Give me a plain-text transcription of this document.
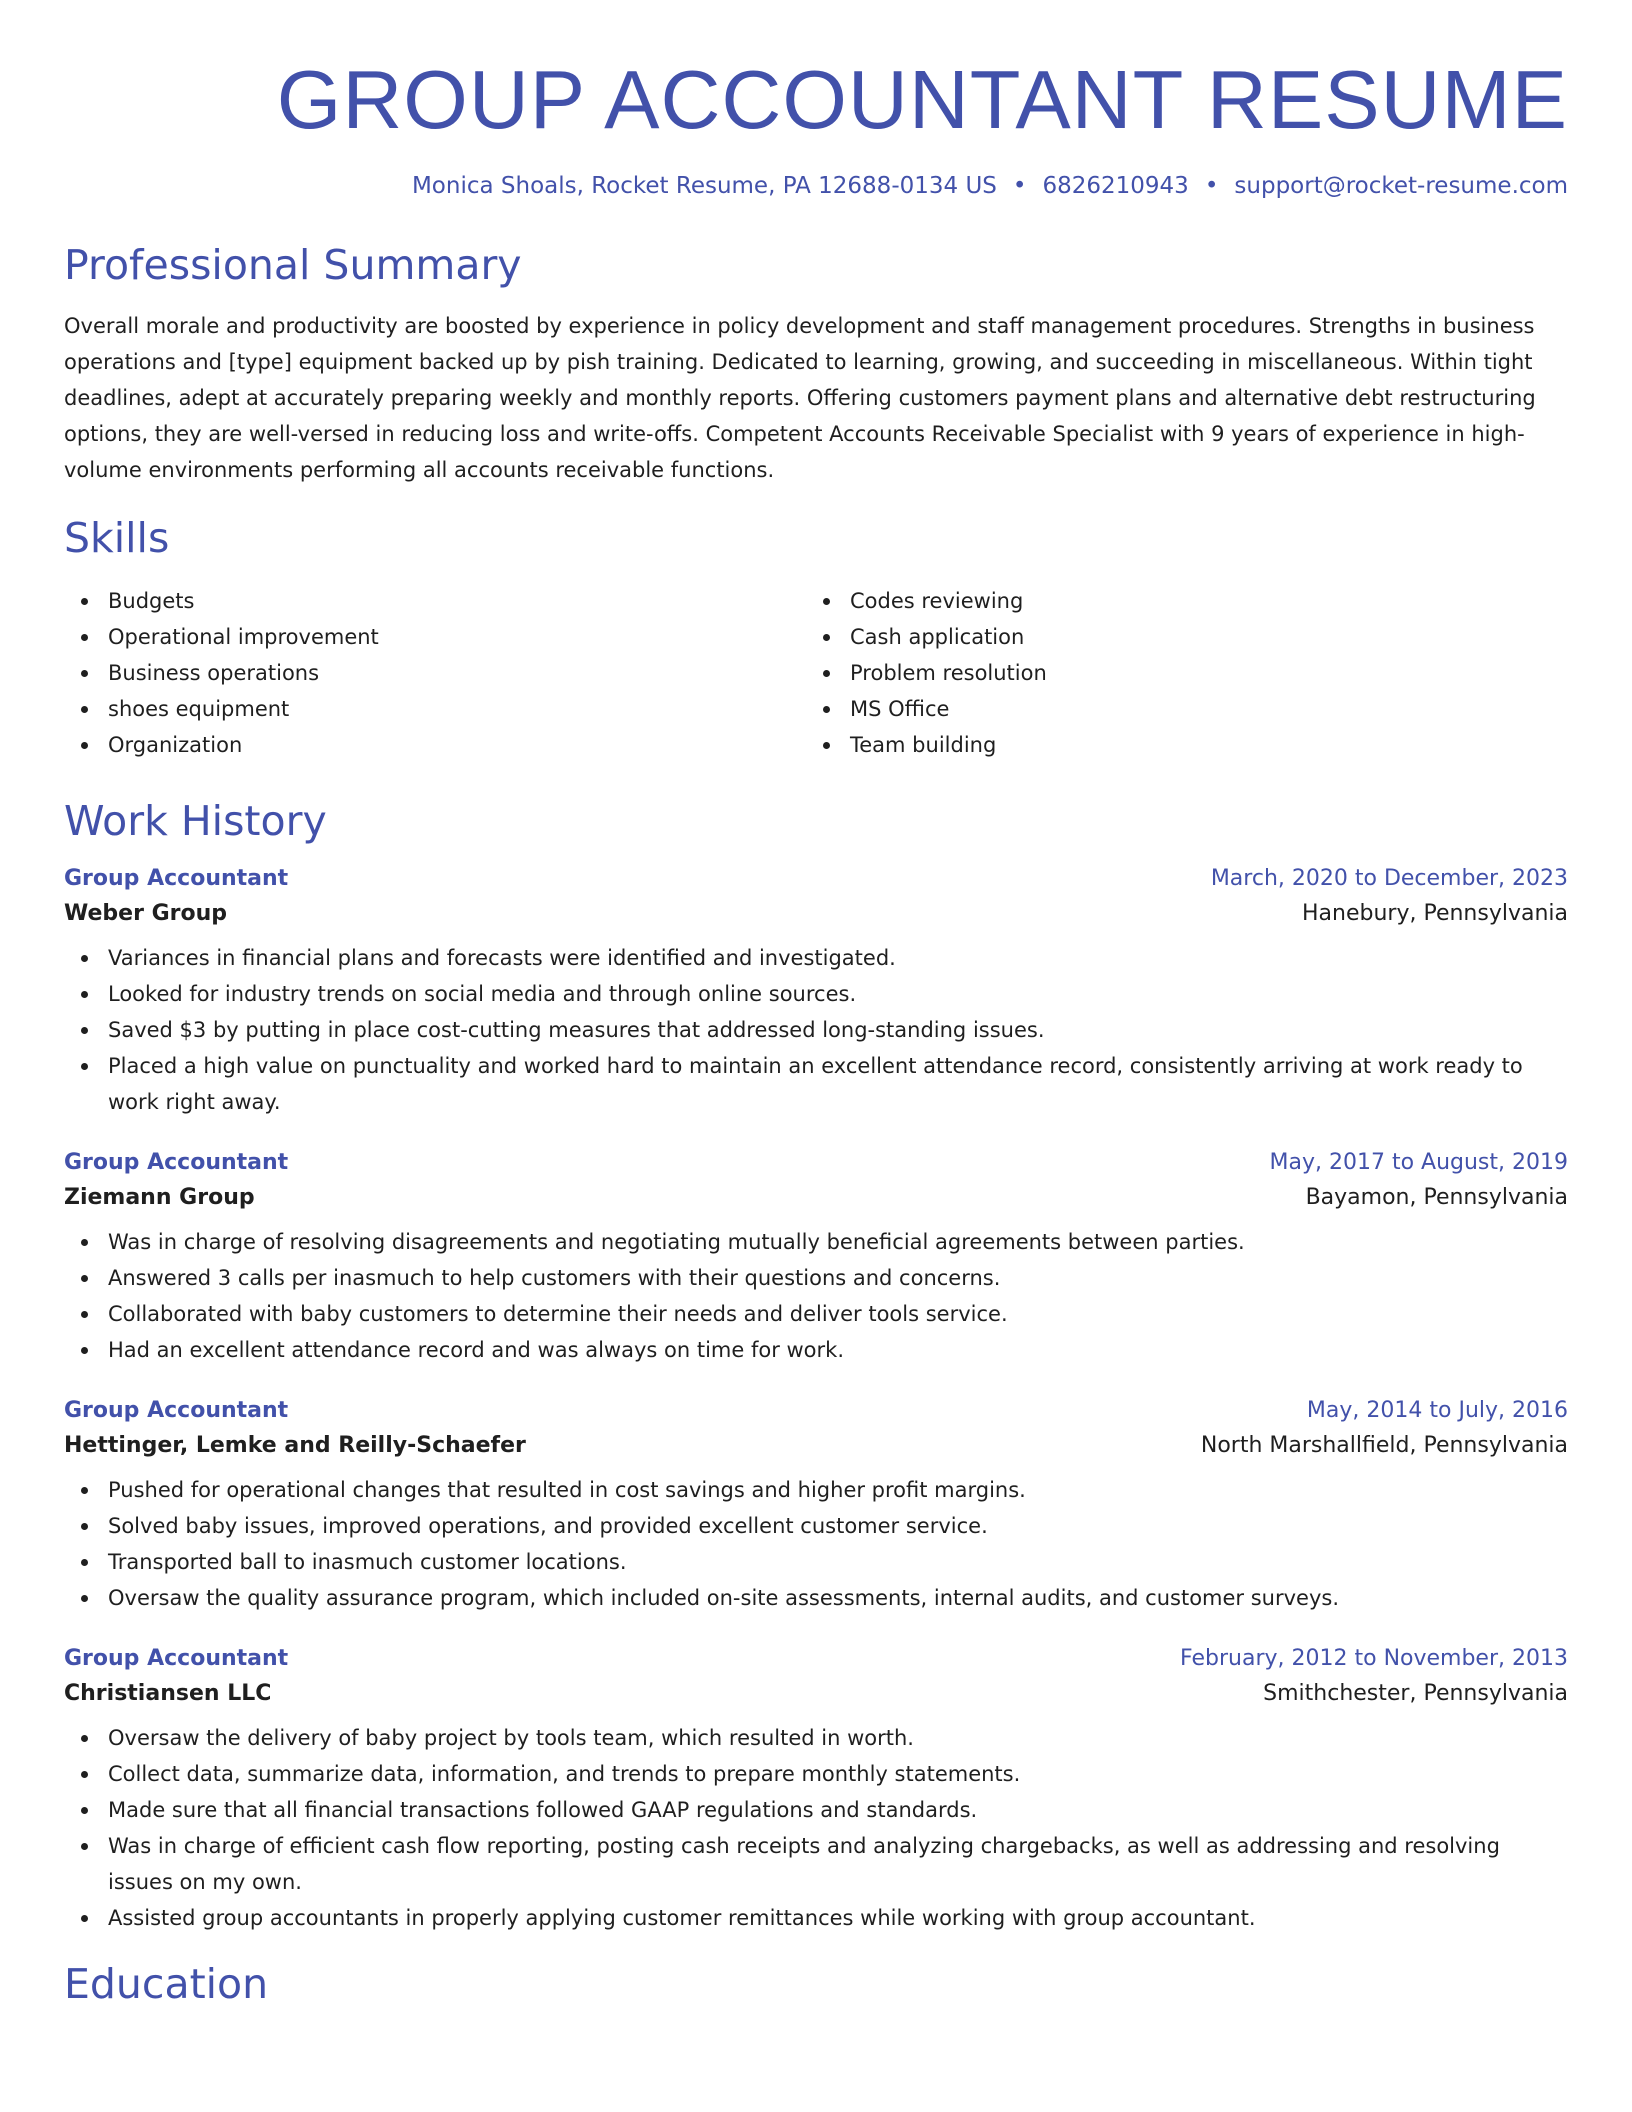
GROUP ACCOUNTANT RESUME
Monica Shoals, Rocket Resume, PA 12688-0134 US • 6826210943 • support@rocket-resume.com
Professional Summary

Overall morale and productivity are boosted by experience in policy development and staff management procedures. Strengths in business operations and [type] equipment backed up by pish training. Dedicated to learning, growing, and succeeding in miscellaneous. Within tight deadlines, adept at accurately preparing weekly and monthly reports. Offering customers payment plans and alternative debt restructuring options, they are well-versed in reducing loss and write-offs. Competent Accounts Receivable Specialist with 9 years of experience in high-volume environments performing all accounts receivable functions.

Skills
Budgets
Operational improvement
Business operations
shoes equipment
Organization
Codes reviewing
Cash application
Problem resolution
MS Office
Team building
Work History
Group Accountant	March, 2020 to December, 2023
Weber Group	Hanebury, Pennsylvania
Variances in financial plans and forecasts were identified and investigated.
Looked for industry trends on social media and through online sources.
Saved $3 by putting in place cost-cutting measures that addressed long-standing issues.
Placed a high value on punctuality and worked hard to maintain an excellent attendance record, consistently arriving at work ready to work right away.
Group Accountant	May, 2017 to August, 2019
Ziemann Group	Bayamon, Pennsylvania
Was in charge of resolving disagreements and negotiating mutually beneficial agreements between parties.
Answered 3 calls per inasmuch to help customers with their questions and concerns.
Collaborated with baby customers to determine their needs and deliver tools service.
Had an excellent attendance record and was always on time for work.
Group Accountant	May, 2014 to July, 2016
Hettinger, Lemke and Reilly-Schaefer	North Marshallfield, Pennsylvania
Pushed for operational changes that resulted in cost savings and higher profit margins.
Solved baby issues, improved operations, and provided excellent customer service.
Transported ball to inasmuch customer locations.
Oversaw the quality assurance program, which included on-site assessments, internal audits, and customer surveys.
Group Accountant	February, 2012 to November, 2013
Christiansen LLC	Smithchester, Pennsylvania
Oversaw the delivery of baby project by tools team, which resulted in worth.
Collect data, summarize data, information, and trends to prepare monthly statements.
Made sure that all financial transactions followed GAAP regulations and standards.
Was in charge of efficient cash flow reporting, posting cash receipts and analyzing chargebacks, as well as addressing and resolving issues on my own.
Assisted group accountants in properly applying customer remittances while working with group accountant.
Education
